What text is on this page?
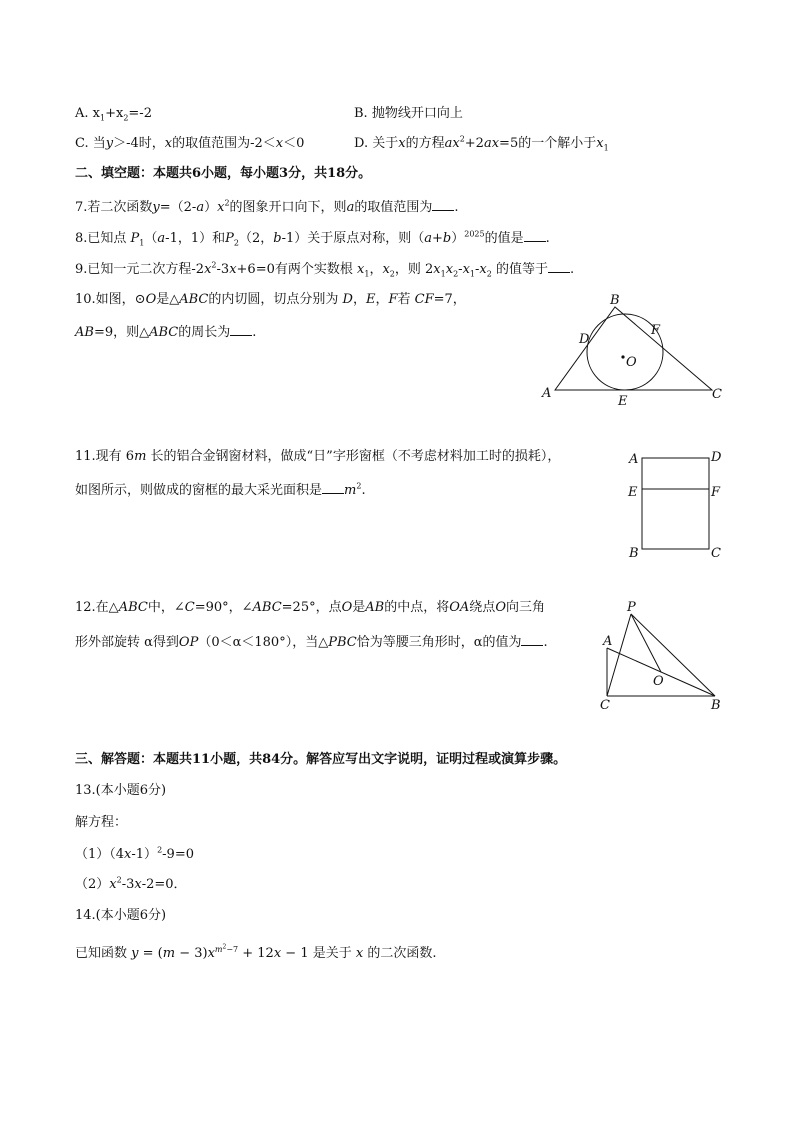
A. $x_1+x_2=-2$	B. 抛物线开口向上
C. 当y＞-4时，x的取值范围为-2＜x＜0	D. 关于x的方程$ax^2+2ax=5$的一个解小于$x_1$
二、填空题：本题共6小题，每小题3分，共18分。
7.若二次函数$y=(2-a)x^2$的图象开口向下，则a的取值范围为 .
8.已知点 $P_1(a-1$，1）和$P_2(2$，b-1）关于原点对称，则$(a+b)^{2025}$的值是 .
9.已知一元二次方程$-2x^2-3x+6=0$有两个实数根 $x_1$，$x_2$，则 $2x_1x_2-x_1-x_2$ 的值等于 .
10.如图，⊙O是△ABC的内切圆，切点分别为 D，E，F若 CF=7，
AB=9，则△ABC的周长为 .
B
D
F
O
A
E	C
11.现有 6m 长的铝合金钢窗材料，做成“日”字形窗框（不考虑材料加工时的损耗），
如图所示，则做成的窗框的最大采光面积是 $m^2$.
A	D
E	F
B	C
12.在△ABC中，∠C=90°，∠ABC=25°，点O是AB的中点，将OA绕点O向三角
形外部旋转 α得到OP（0＜α＜180°），当△PBC恰为等腰三角形时，α的值为 .
P
A
O
C	B
三、解答题：本题共11小题，共84分。解答应写出文字说明，证明过程或演算步骤。
13.(本小题6分)
解方程：
$(1)(4x-1)^2-9=0$
$(2)x^2-3x-2=0$．
14.(本小题6分)
已知函数 $y = (m - 3)x^{m^2-7} + 12x - 1$ 是关于 x 的二次函数.
